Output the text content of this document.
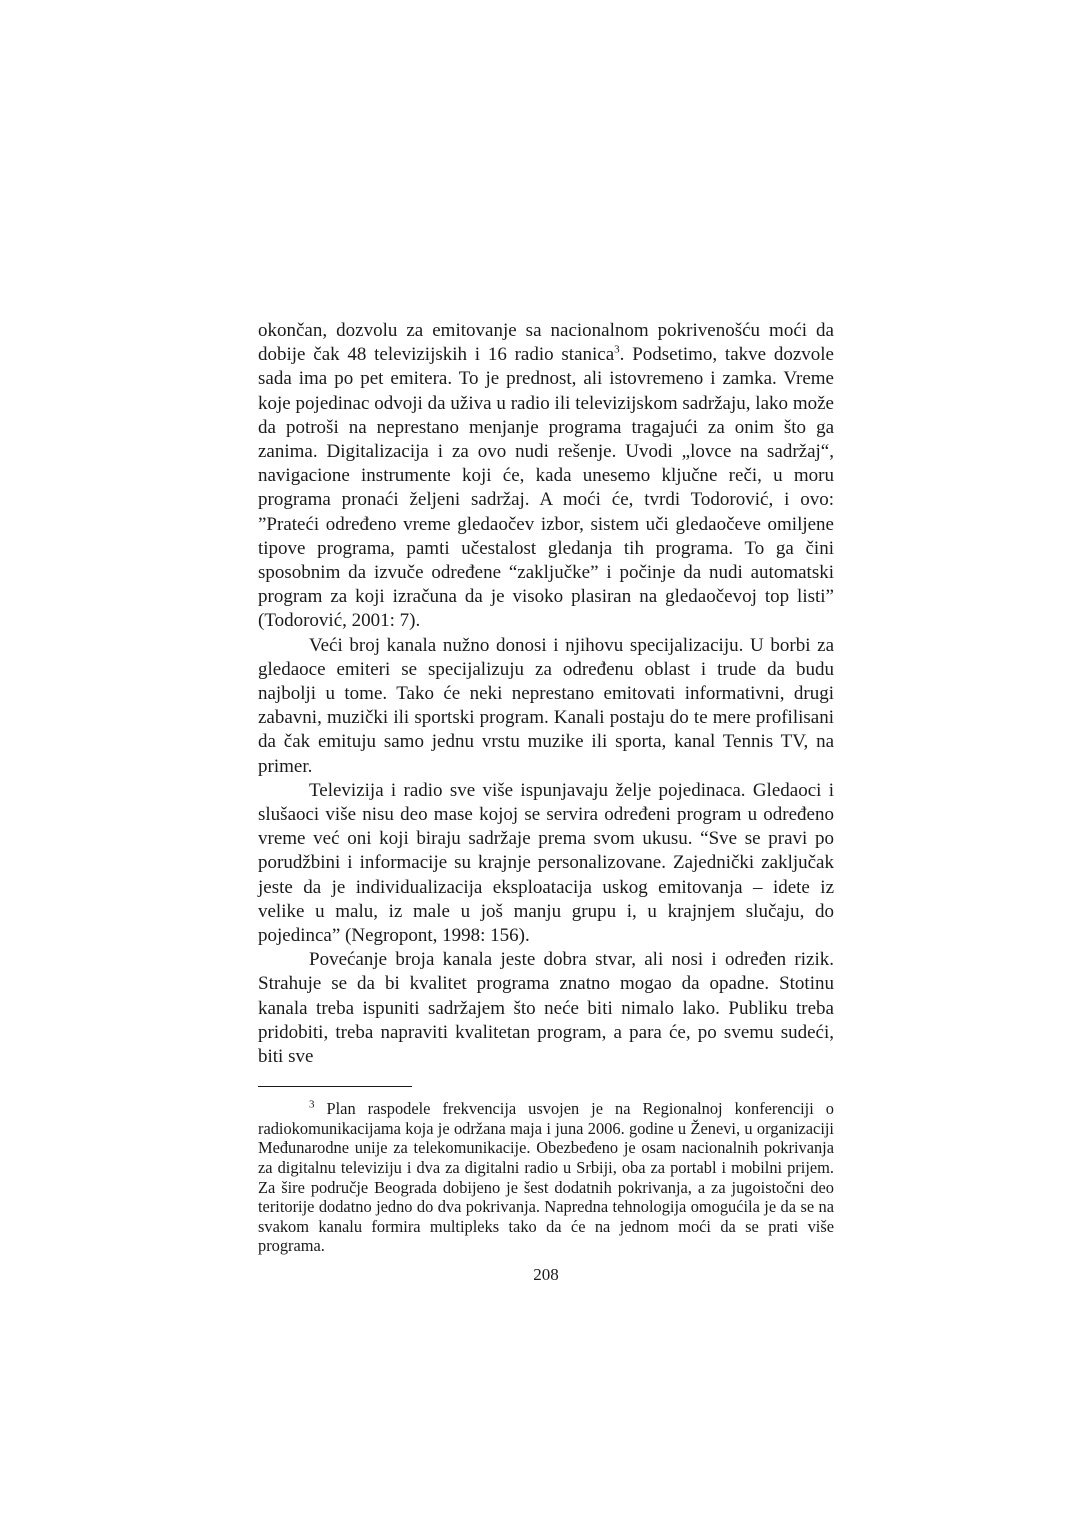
okončan, dozvolu za emitovanje sa nacionalnom pokrivenošću moći da dobije čak 48 televizijskih i 16 radio stanica$^3$. Podsetimo, takve dozvole sada ima po pet emitera. To je prednost, ali istovremeno i zamka. Vreme koje pojedinac odvoji da uživa u radio ili televizijskom sadržaju, lako može da potroši na neprestano menjanje programa tragajući za onim što ga zanima. Digitalizacija i za ovo nudi rešenje. Uvodi „lovce na sadržaj“, navigacione instrumente koji će, kada unesemo ključne reči, u moru programa pronaći željeni sadržaj. A moći će, tvrdi Todorović, i ovo: ”Prateći određeno vreme gledaočev izbor, sistem uči gledaočeve omiljene tipove programa, pamti učestalost gledanja tih programa. To ga čini sposobnim da izvuče određene “zaključke” i počinje da nudi automatski program za koji izračuna da je visoko plasiran na gledaočevoj top listi” (Todorović, 2001: 7).

Veći broj kanala nužno donosi i njihovu specijalizaciju. U borbi za gledaoce emiteri se specijalizuju za određenu oblast i trude da budu najbolji u tome. Tako će neki neprestano emitovati informativni, drugi zabavni, muzički ili sportski program. Kanali postaju do te mere profilisani da čak emituju samo jednu vrstu muzike ili sporta, kanal Tennis TV, na primer.

Televizija i radio sve više ispunjavaju želje pojedinaca. Gledaoci i slušaoci više nisu deo mase kojoj se servira određeni program u određeno vreme već oni koji biraju sadržaje prema svom ukusu. “Sve se pravi po porudžbini i informacije su krajnje personalizovane. Zajednički zaključak jeste da je individualizacija eksploatacija uskog emitovanja – idete iz velike u malu, iz male u još manju grupu i, u krajnjem slučaju, do pojedinca” (Negropont, 1998: 156).

Povećanje broja kanala jeste dobra stvar, ali nosi i određen rizik. Strahuje se da bi kvalitet programa znatno mogao da opadne. Stotinu kanala treba ispuniti sadržajem što neće biti nimalo lako. Publiku treba pridobiti, treba napraviti kvalitetan program, a para će, po svemu sudeći, biti sve

$^3$ Plan raspodele frekvencija usvojen je na Regionalnoj konferenciji o radiokomunikacijama koja je održana maja i juna 2006. godine u Ženevi, u organizaciji Međunarodne unije za telekomunikacije. Obezbeđeno je osam nacionalnih pokrivanja za digitalnu televiziju i dva za digitalni radio u Srbiji, oba za portabl i mobilni prijem. Za šire područje Beograda dobijeno je šest dodatnih pokrivanja, a za jugoistočni deo teritorije dodatno jedno do dva pokrivanja. Napredna tehnologija omogućila je da se na svakom kanalu formira multipleks tako da će na jednom moći da se prati više programa.

208
